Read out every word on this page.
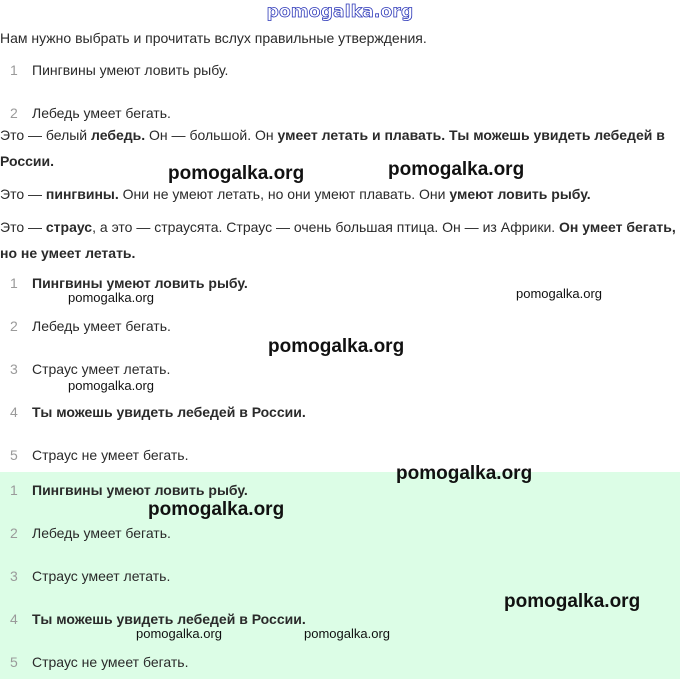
pomogalka.org
Нам нужно выбрать и прочитать вслух правильные утверждения.
1 Пингвины умеют ловить рыбу.
2 Лебедь умеет бегать.
Это — белый лебедь. Он — большой. Он умеет летать и плавать. Ты можешь увидеть лебедей в России.
Это — пингвины. Они не умеют летать, но они умеют плавать. Они умеют ловить рыбу.
Это — страус, а это — страусята. Страус — очень большая птица. Он — из Африки. Он умеет бегать, но не умеет летать.
1 Пингвины умеют ловить рыбу.
2 Лебедь умеет бегать.
3 Страус умеет летать.
4 Ты можешь увидеть лебедей в России.
5 Страус не умеет бегать.
1 Пингвины умеют ловить рыбу.
2 Лебедь умеет бегать.
3 Страус умеет летать.
4 Ты можешь увидеть лебедей в России.
5 Страус не умеет бегать.
pomogalka.org	pomogalka.org
pomogalka.org	pomogalka.org
pomogalka.org
pomogalka.org
pomogalka.org
pomogalka.org
pomogalka.org
pomogalka.org	pomogalka.org
